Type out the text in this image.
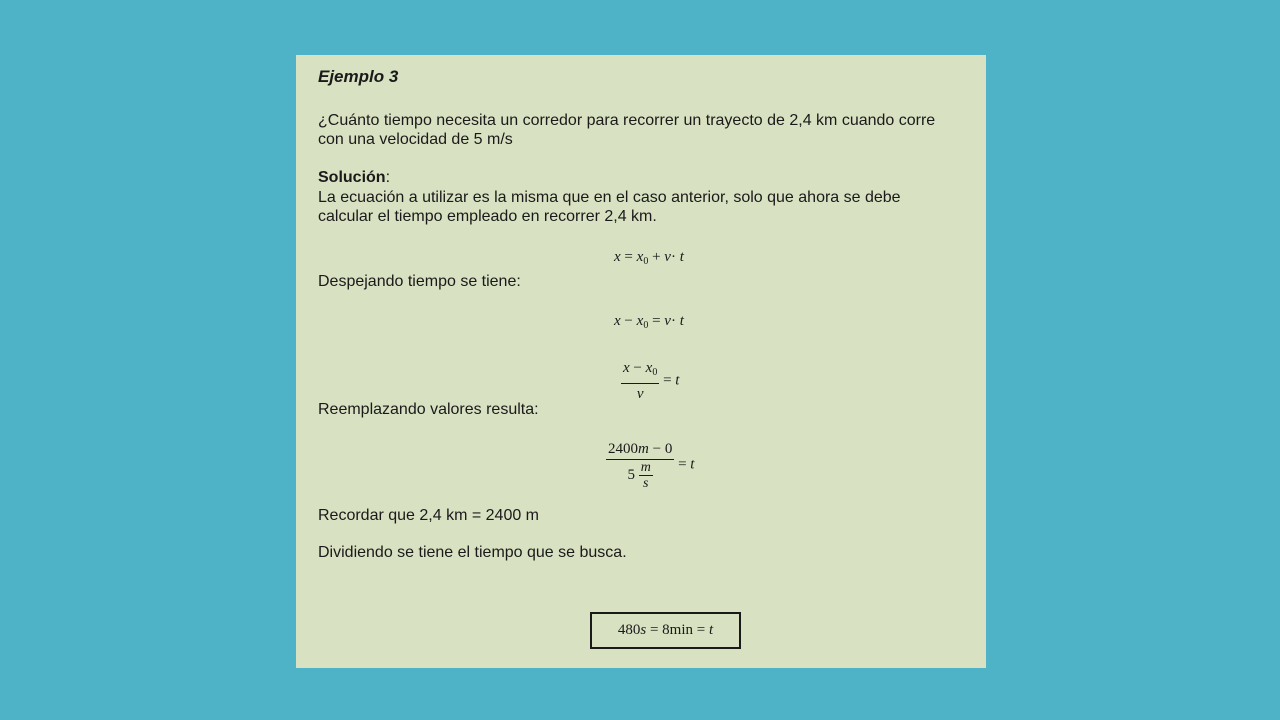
Ejemplo 3
¿Cuánto tiempo necesita un corredor para recorrer un trayecto de 2,4 km cuando corre
con una velocidad de 5 m/s
Solución:
La ecuación a utilizar es la misma que en el caso anterior, solo que ahora se debe
calcular el tiempo empleado en recorrer 2,4 km.
$x = x_0 + v\cdot t$
Despejando tiempo se tiene:
$x - x_0 = v\cdot t$
$\frac{x - x_0}{v} = t$
Reemplazando valores resulta:
$\frac{2400m - 0}{5 \frac{m}{s}} = t$
Recordar que 2,4 km = 2400 m
Dividiendo se tiene el tiempo que se busca.
480s = 8min = t
